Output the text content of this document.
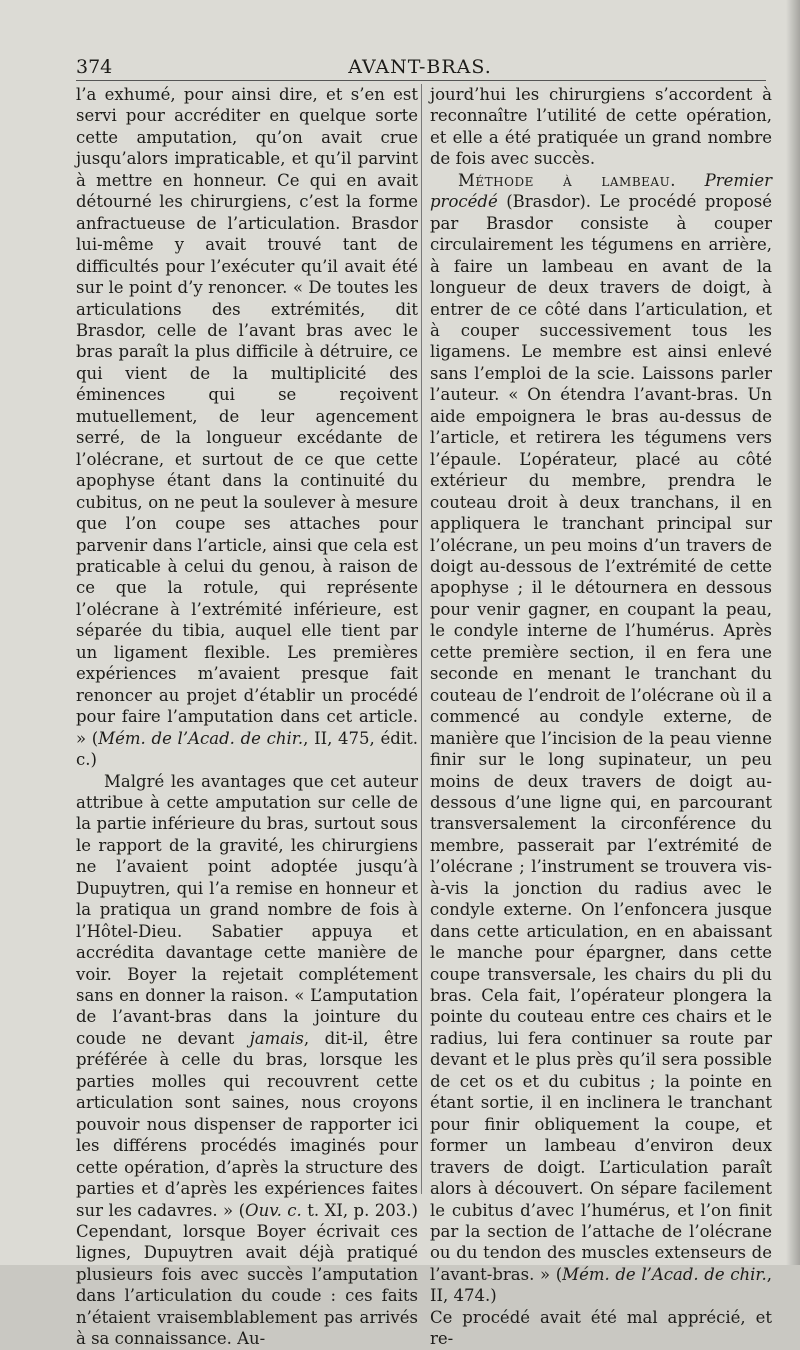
374	AVANT-BRAS.

l’a exhumé, pour ainsi dire, et s’en est servi pour accréditer en quelque sorte cette amputation, qu’on avait crue jusqu’alors impraticable, et qu’il parvint à mettre en honneur. Ce qui en avait détourné les chirurgiens, c’est la forme anfractueuse de l’articulation. Brasdor lui-même y avait trouvé tant de difficultés pour l’exécuter qu’il avait été sur le point d’y renoncer. « De toutes les articulations des extrémités, dit Brasdor, celle de l’avant bras avec le bras paraît la plus difficile à détruire, ce qui vient de la multiplicité des éminences qui se reçoivent mutuellement, de leur agencement serré, de la longueur excédante de l’olécrane, et surtout de ce que cette apophyse étant dans la continuité du cubitus, on ne peut la soulever à mesure que l’on coupe ses attaches pour parvenir dans l’article, ainsi que cela est praticable à celui du genou, à raison de ce que la rotule, qui représente l’olécrane à l’extrémité inférieure, est séparée du tibia, auquel elle tient par un ligament flexible. Les premières expériences m’avaient presque fait renoncer au projet d’établir un procédé pour faire l’amputation dans cet article. » (Mém. de l’Acad. de chir., II, 475, édit. c.)

Malgré les avantages que cet auteur attribue à cette amputation sur celle de la partie inférieure du bras, surtout sous le rapport de la gravité, les chirurgiens ne l’avaient point adoptée jusqu’à Dupuytren, qui l’a remise en honneur et la pratiqua un grand nombre de fois à l’Hôtel-Dieu. Sabatier appuya et accrédita davantage cette manière de voir. Boyer la rejetait complétement sans en donner la raison. « L’amputation de l’avant-bras dans la jointure du coude ne devant jamais, dit-il, être préférée à celle du bras, lorsque les parties molles qui recouvrent cette articulation sont saines, nous croyons pouvoir nous dispenser de rapporter ici les différens procédés imaginés pour cette opération, d’après la structure des parties et d’après les expériences faites sur les cadavres. » (Ouv. c. t. XI, p. 203.) Cependant, lorsque Boyer écrivait ces lignes, Dupuytren avait déjà pratiqué plusieurs fois avec succès l’amputation dans l’articulation du coude : ces faits n’étaient vraisemblablement pas arrivés à sa connaissance. Au-

jourd’hui les chirurgiens s’accordent à reconnaître l’utilité de cette opération, et elle a été pratiquée un grand nombre de fois avec succès.

Méthode à lambeau. Premier procédé (Brasdor). Le procédé proposé par Brasdor consiste à couper circulairement les tégumens en arrière, à faire un lambeau en avant de la longueur de deux travers de doigt, à entrer de ce côté dans l’articulation, et à couper successivement tous les ligamens. Le membre est ainsi enlevé sans l’emploi de la scie. Laissons parler l’auteur. « On étendra l’avant-bras. Un aide empoignera le bras au-dessus de l’article, et retirera les tégumens vers l’épaule. L’opérateur, placé au côté extérieur du membre, prendra le couteau droit à deux tranchans, il en appliquera le tranchant principal sur l’olécrane, un peu moins d’un travers de doigt au-dessous de l’extrémité de cette apophyse ; il le détournera en dessous pour venir gagner, en coupant la peau, le condyle interne de l’humérus. Après cette première section, il en fera une seconde en menant le tranchant du couteau de l’endroit de l’olécrane où il a commencé au condyle externe, de manière que l’incision de la peau vienne finir sur le long supinateur, un peu moins de deux travers de doigt au-dessous d’une ligne qui, en parcourant transversalement la circonférence du membre, passerait par l’extrémité de l’olécrane ; l’instrument se trouvera vis-à-vis la jonction du radius avec le condyle externe. On l’enfoncera jusque dans cette articulation, en en abaissant le manche pour épargner, dans cette coupe transversale, les chairs du pli du bras. Cela fait, l’opérateur plongera la pointe du couteau entre ces chairs et le radius, lui fera continuer sa route par devant et le plus près qu’il sera possible de cet os et du cubitus ; la pointe en étant sortie, il en inclinera le tranchant pour finir obliquement la coupe, et former un lambeau d’environ deux travers de doigt. L’articulation paraît alors à découvert. On sépare facilement le cubitus d’avec l’humérus, et l’on finit par la section de l’attache de l’olécrane ou du tendon des muscles extenseurs de l’avant-bras. » (Mém. de l’Acad. de chir., II, 474.)

Ce procédé avait été mal apprécié, et re-
